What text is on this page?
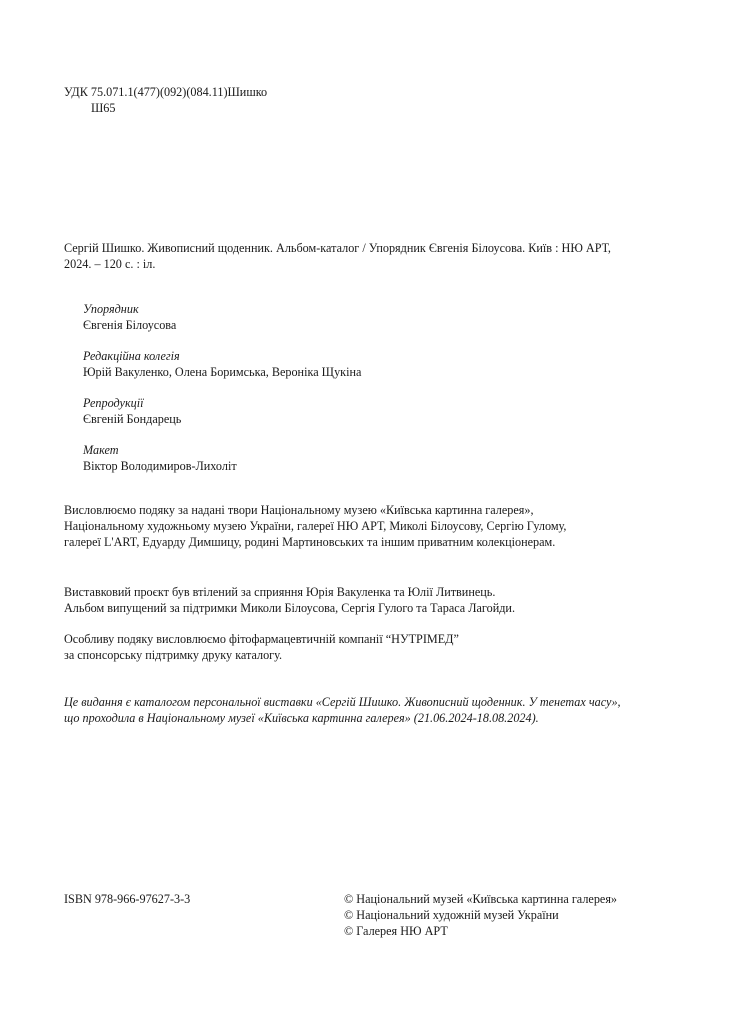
УДК 75.071.1(477)(092)(084.11)Шишко
Ш65
Сергій Шишко. Живописний щоденник. Альбом-каталог / Упорядник Євгенія Білоусова. Київ : НЮ АРТ,
2024. – 120 с. : іл.
Упорядник
Євгенія Білоусова
Редакційна колегія
Юрій Вакуленко, Олена Боримська, Вероніка Щукіна
Репродукції
Євгеній Бондарець
Макет
Віктор Володимиров-Лихоліт
Висловлюємо подяку за надані твори Національному музею «Київська картинна галерея»,
Національному художньому музею України, галереї НЮ АРТ, Миколі Білоусову, Сергію Гулому,
галереї L'ART, Едуарду Димшицу, родині Мартиновських та іншим приватним колекціонерам.
Виставковий проєкт був втілений за сприяння Юрія Вакуленка та Юлії Литвинець.
Альбом випущений за підтримки Миколи Білоусова, Сергія Гулого та Тараса Лагойди.
Особливу подяку висловлюємо фітофармацевтичній компанії “НУТРІМЕД”
за спонсорську підтримку друку каталогу.
Це видання є каталогом персональної виставки «Сергій Шишко. Живописний щоденник. У тенетах часу»,
що проходила в Національному музеї «Київська картинна галерея» (21.06.2024-18.08.2024).
ISBN 978-966-97627-3-3	© Національний музей «Київська картинна галерея»
© Національний художній музей України
© Галерея НЮ АРТ
